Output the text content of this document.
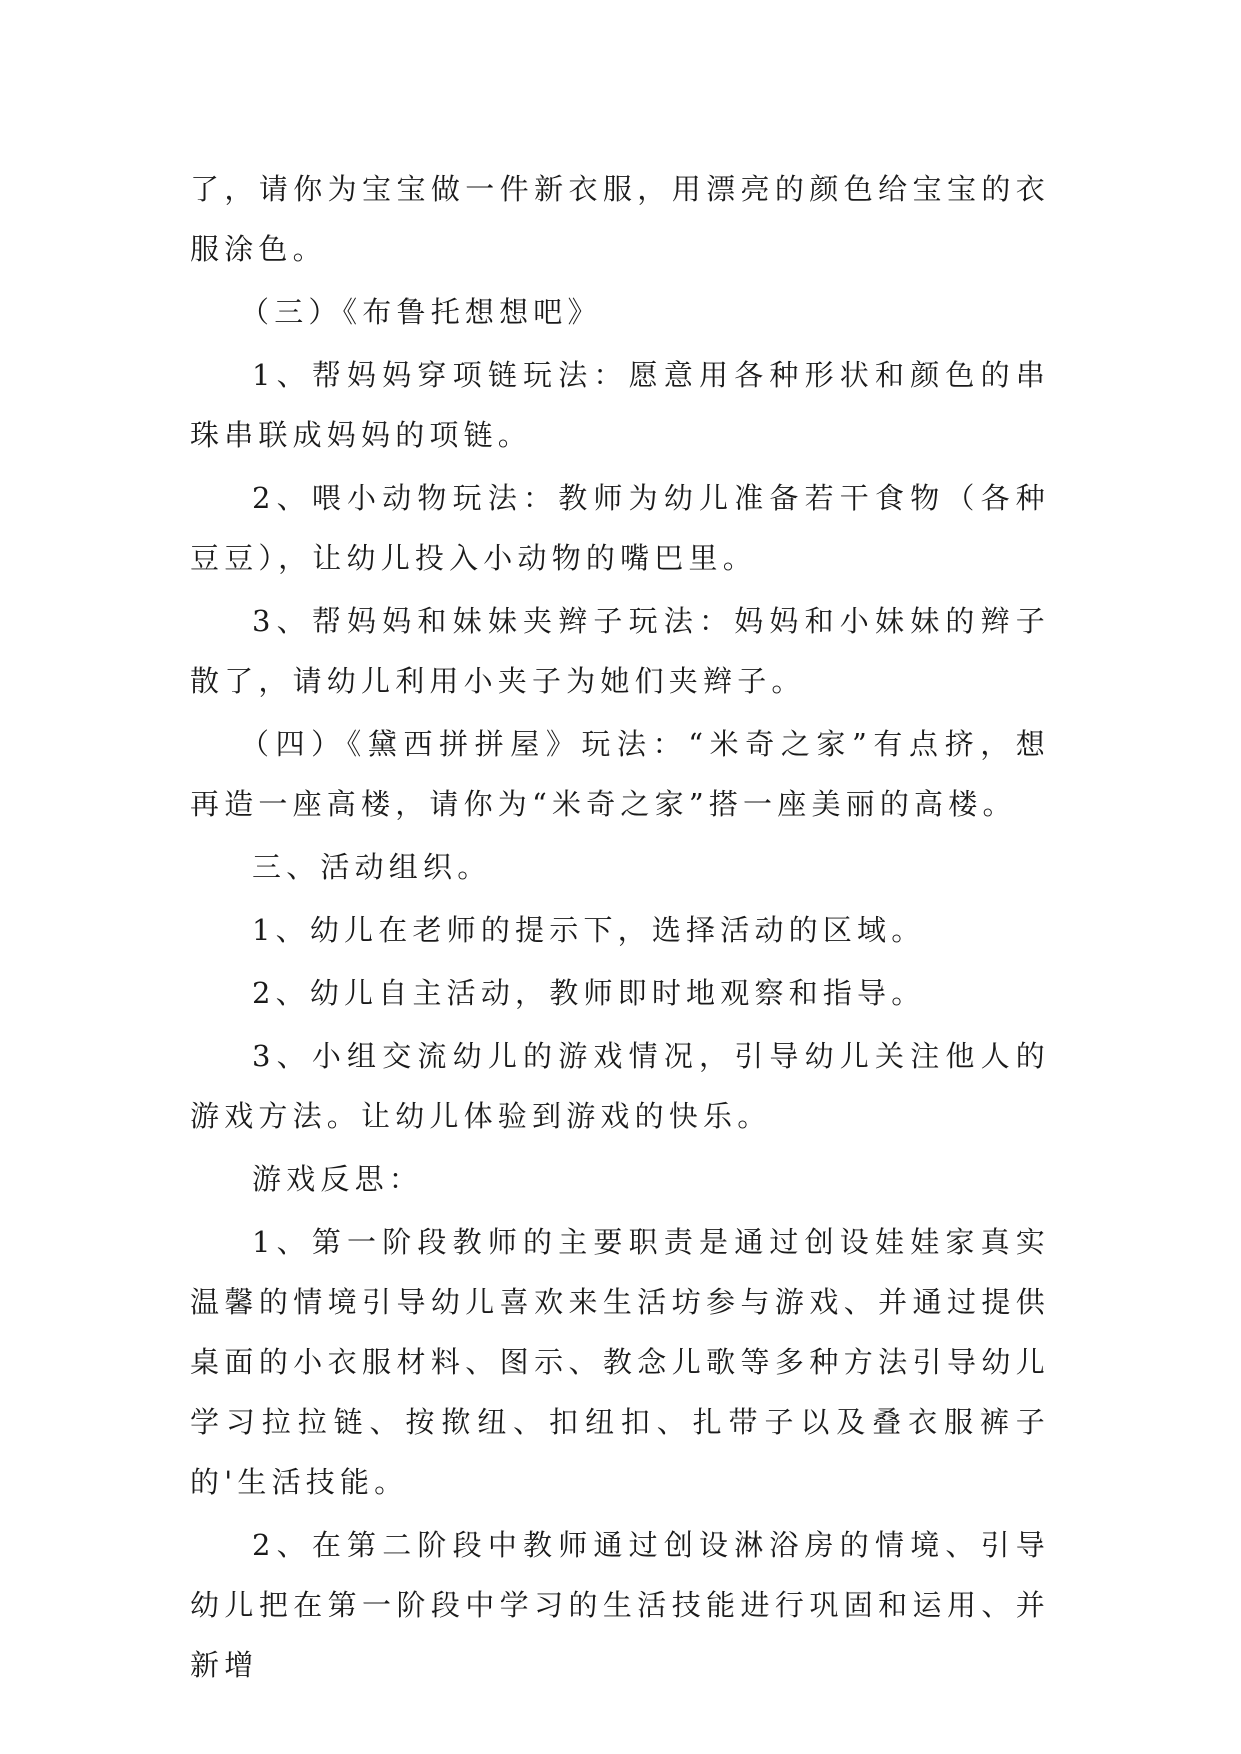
了，请你为宝宝做一件新衣服，用漂亮的颜色给宝宝的衣服涂色。

（三）《布鲁托想想吧》

1、帮妈妈穿项链玩法：愿意用各种形状和颜色的串珠串联成妈妈的项链。

2、喂小动物玩法：教师为幼儿准备若干食物（各种豆豆），让幼儿投入小动物的嘴巴里。

3、帮妈妈和妹妹夹辫子玩法：妈妈和小妹妹的辫子散了，请幼儿利用小夹子为她们夹辫子。

（四）《黛西拼拼屋》玩法：“米奇之家”有点挤，想再造一座高楼，请你为“米奇之家”搭一座美丽的高楼。

三、活动组织。

1、幼儿在老师的提示下，选择活动的区域。

2、幼儿自主活动，教师即时地观察和指导。

3、小组交流幼儿的游戏情况，引导幼儿关注他人的游戏方法。让幼儿体验到游戏的快乐。

游戏反思：

1、第一阶段教师的主要职责是通过创设娃娃家真实温馨的情境引导幼儿喜欢来生活坊参与游戏、并通过提供桌面的小衣服材料、图示、教念儿歌等多种方法引导幼儿学习拉拉链、按揿纽、扣纽扣、扎带子以及叠衣服裤子的'生活技能。

2、在第二阶段中教师通过创设淋浴房的情境、引导幼儿把在第一阶段中学习的生活技能进行巩固和运用、并新增
